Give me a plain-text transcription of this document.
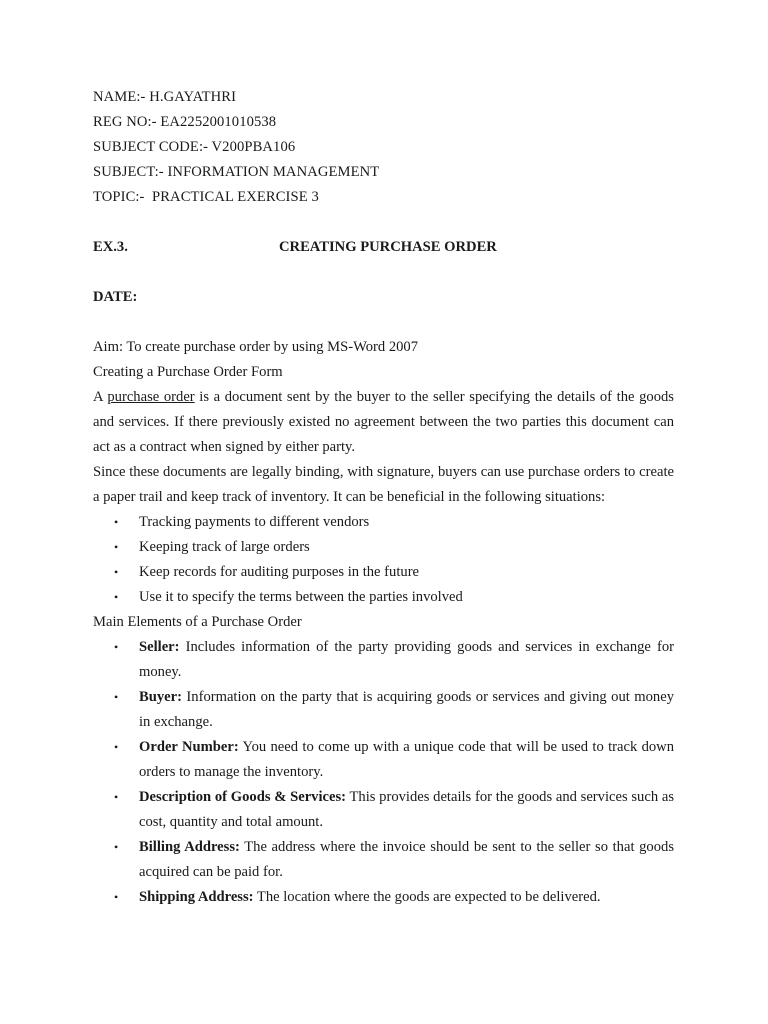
NAME:- H.GAYATHRI

REG NO:- EA2252001010538

SUBJECT CODE:- V200PBA106

SUBJECT:- INFORMATION MANAGEMENT

TOPIC:-  PRACTICAL EXERCISE 3

EX.3.	CREATING PURCHASE ORDER
DATE:

Aim: To create purchase order by using MS-Word 2007

Creating a Purchase Order Form

A purchase order is a document sent by the buyer to the seller specifying the details of the goods and services. If there previously existed no agreement between the two parties this document can act as a contract when signed by either party.

Since these documents are legally binding, with signature, buyers can use purchase orders to create a paper trail and keep track of inventory. It can be beneficial in the following situations:

• Tracking payments to different vendors
• Keeping track of large orders
• Keep records for auditing purposes in the future
• Use it to specify the terms between the parties involved

Main Elements of a Purchase Order

• Seller: Includes information of the party providing goods and services in exchange for money.
• Buyer: Information on the party that is acquiring goods or services and giving out money in exchange.
• Order Number: You need to come up with a unique code that will be used to track down orders to manage the inventory.
• Description of Goods & Services: This provides details for the goods and services such as cost, quantity and total amount.
• Billing Address: The address where the invoice should be sent to the seller so that goods acquired can be paid for.
• Shipping Address: The location where the goods are expected to be delivered.
